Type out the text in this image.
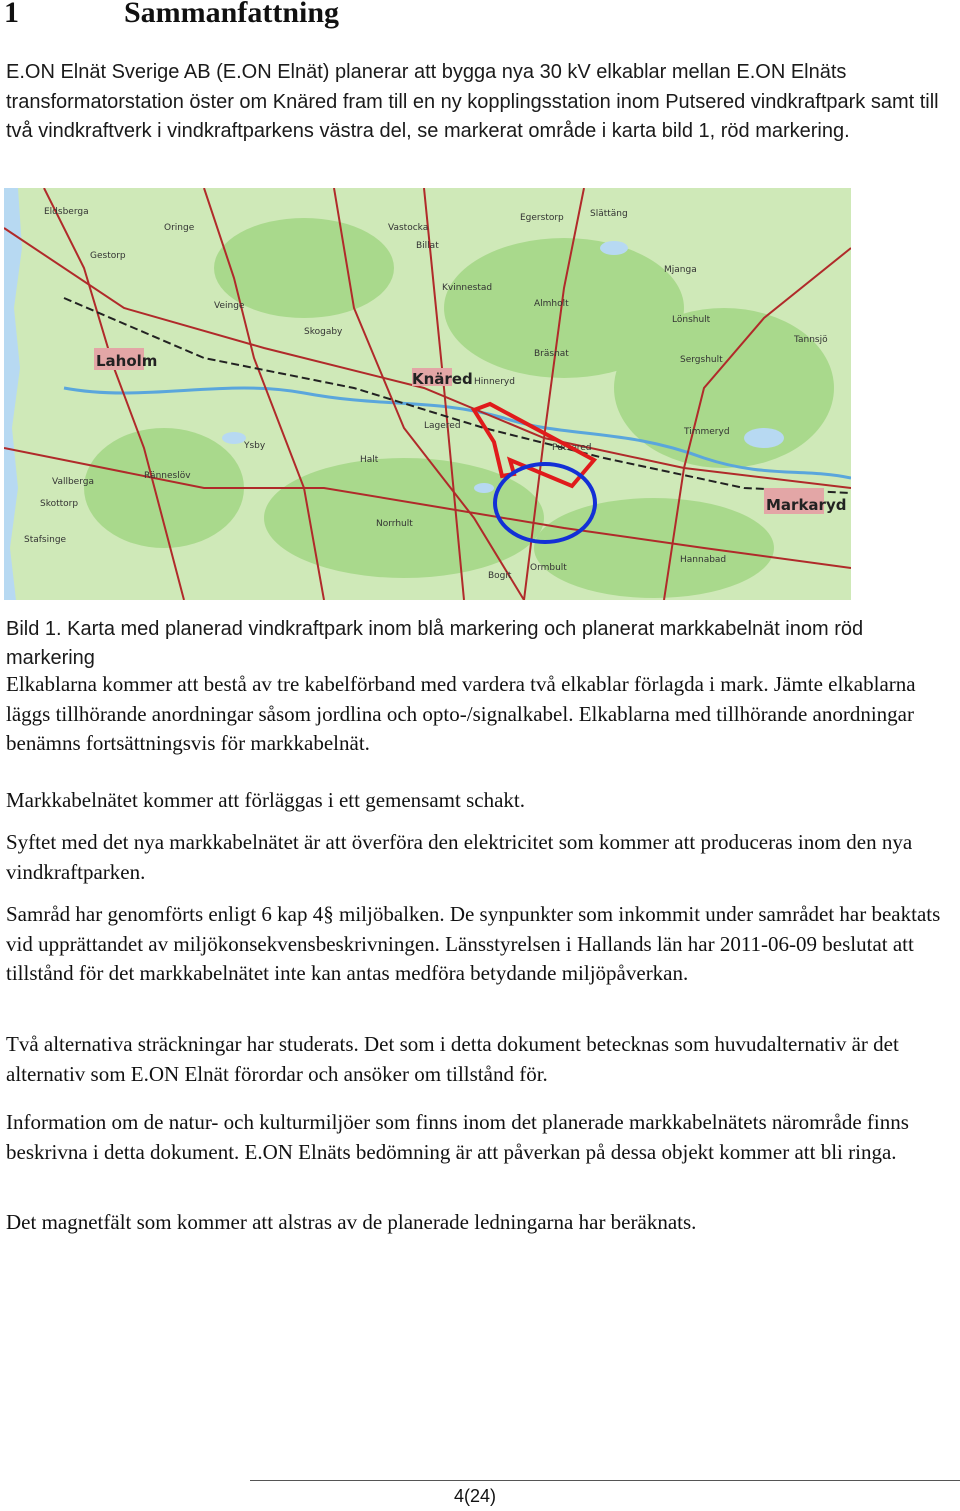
1	Sammanfattning

E.ON Elnät Sverige AB (E.ON Elnät) planerar att bygga nya 30 kV elkablar mellan E.ON Elnäts transformatorstation öster om Knäred fram till en ny kopplingsstation inom Putsered vindkraftpark samt till två vindkraftverk i vindkraftparkens västra del, se markerat område i karta bild 1, röd markering.

Eldsberga
Gestorp
Oringe	Vastocka
Billat
Egerstorp	Slättäng
Kvinnestad
Skogaby
Veinge
Mjanga
Lönshult
Almholt
Ysby
Ränneslöv
Skottorp
Vallberga
Halt
Tannsjö
Sergshult
Timmeryd
Putsered
Bräsnat
Lagered
Hinneryd
Hannabad
Bogit
Ormbult
Stafsinge
Norrhult
Laholm
Knäred
Markaryd

Bild 1. Karta med planerad vindkraftpark inom blå markering och planerat markkabelnät inom röd markering

Elkablarna kommer att bestå av tre kabelförband med vardera två elkablar förlagda i mark. Jämte elkablarna läggs tillhörande anordningar såsom jordlina och opto-/signalkabel. Elkablarna med tillhörande anordningar benämns fortsättningsvis för markkabelnät.

Markkabelnätet kommer att förläggas i ett gemensamt schakt.

Syftet med det nya markkabelnätet är att överföra den elektricitet som kommer att produceras inom den nya vindkraftparken.

Samråd har genomförts enligt 6 kap 4§ miljöbalken. De synpunkter som inkommit under samrådet har beaktats vid upprättandet av miljökonsekvensbeskrivningen. Länsstyrelsen i Hallands län har 2011-06-09 beslutat att tillstånd för det markkabelnätet inte kan antas medföra betydande miljöpåverkan.

Två alternativa sträckningar har studerats. Det som i detta dokument betecknas som huvudalternativ är det alternativ som E.ON Elnät förordar och ansöker om tillstånd för.

Information om de natur- och kulturmiljöer som finns inom det planerade markkabelnätets närområde finns beskrivna i detta dokument. E.ON Elnäts bedömning är att påverkan på dessa objekt kommer att bli ringa.

Det magnetfält som kommer att alstras av de planerade ledningarna har beräknats.

4(24)
